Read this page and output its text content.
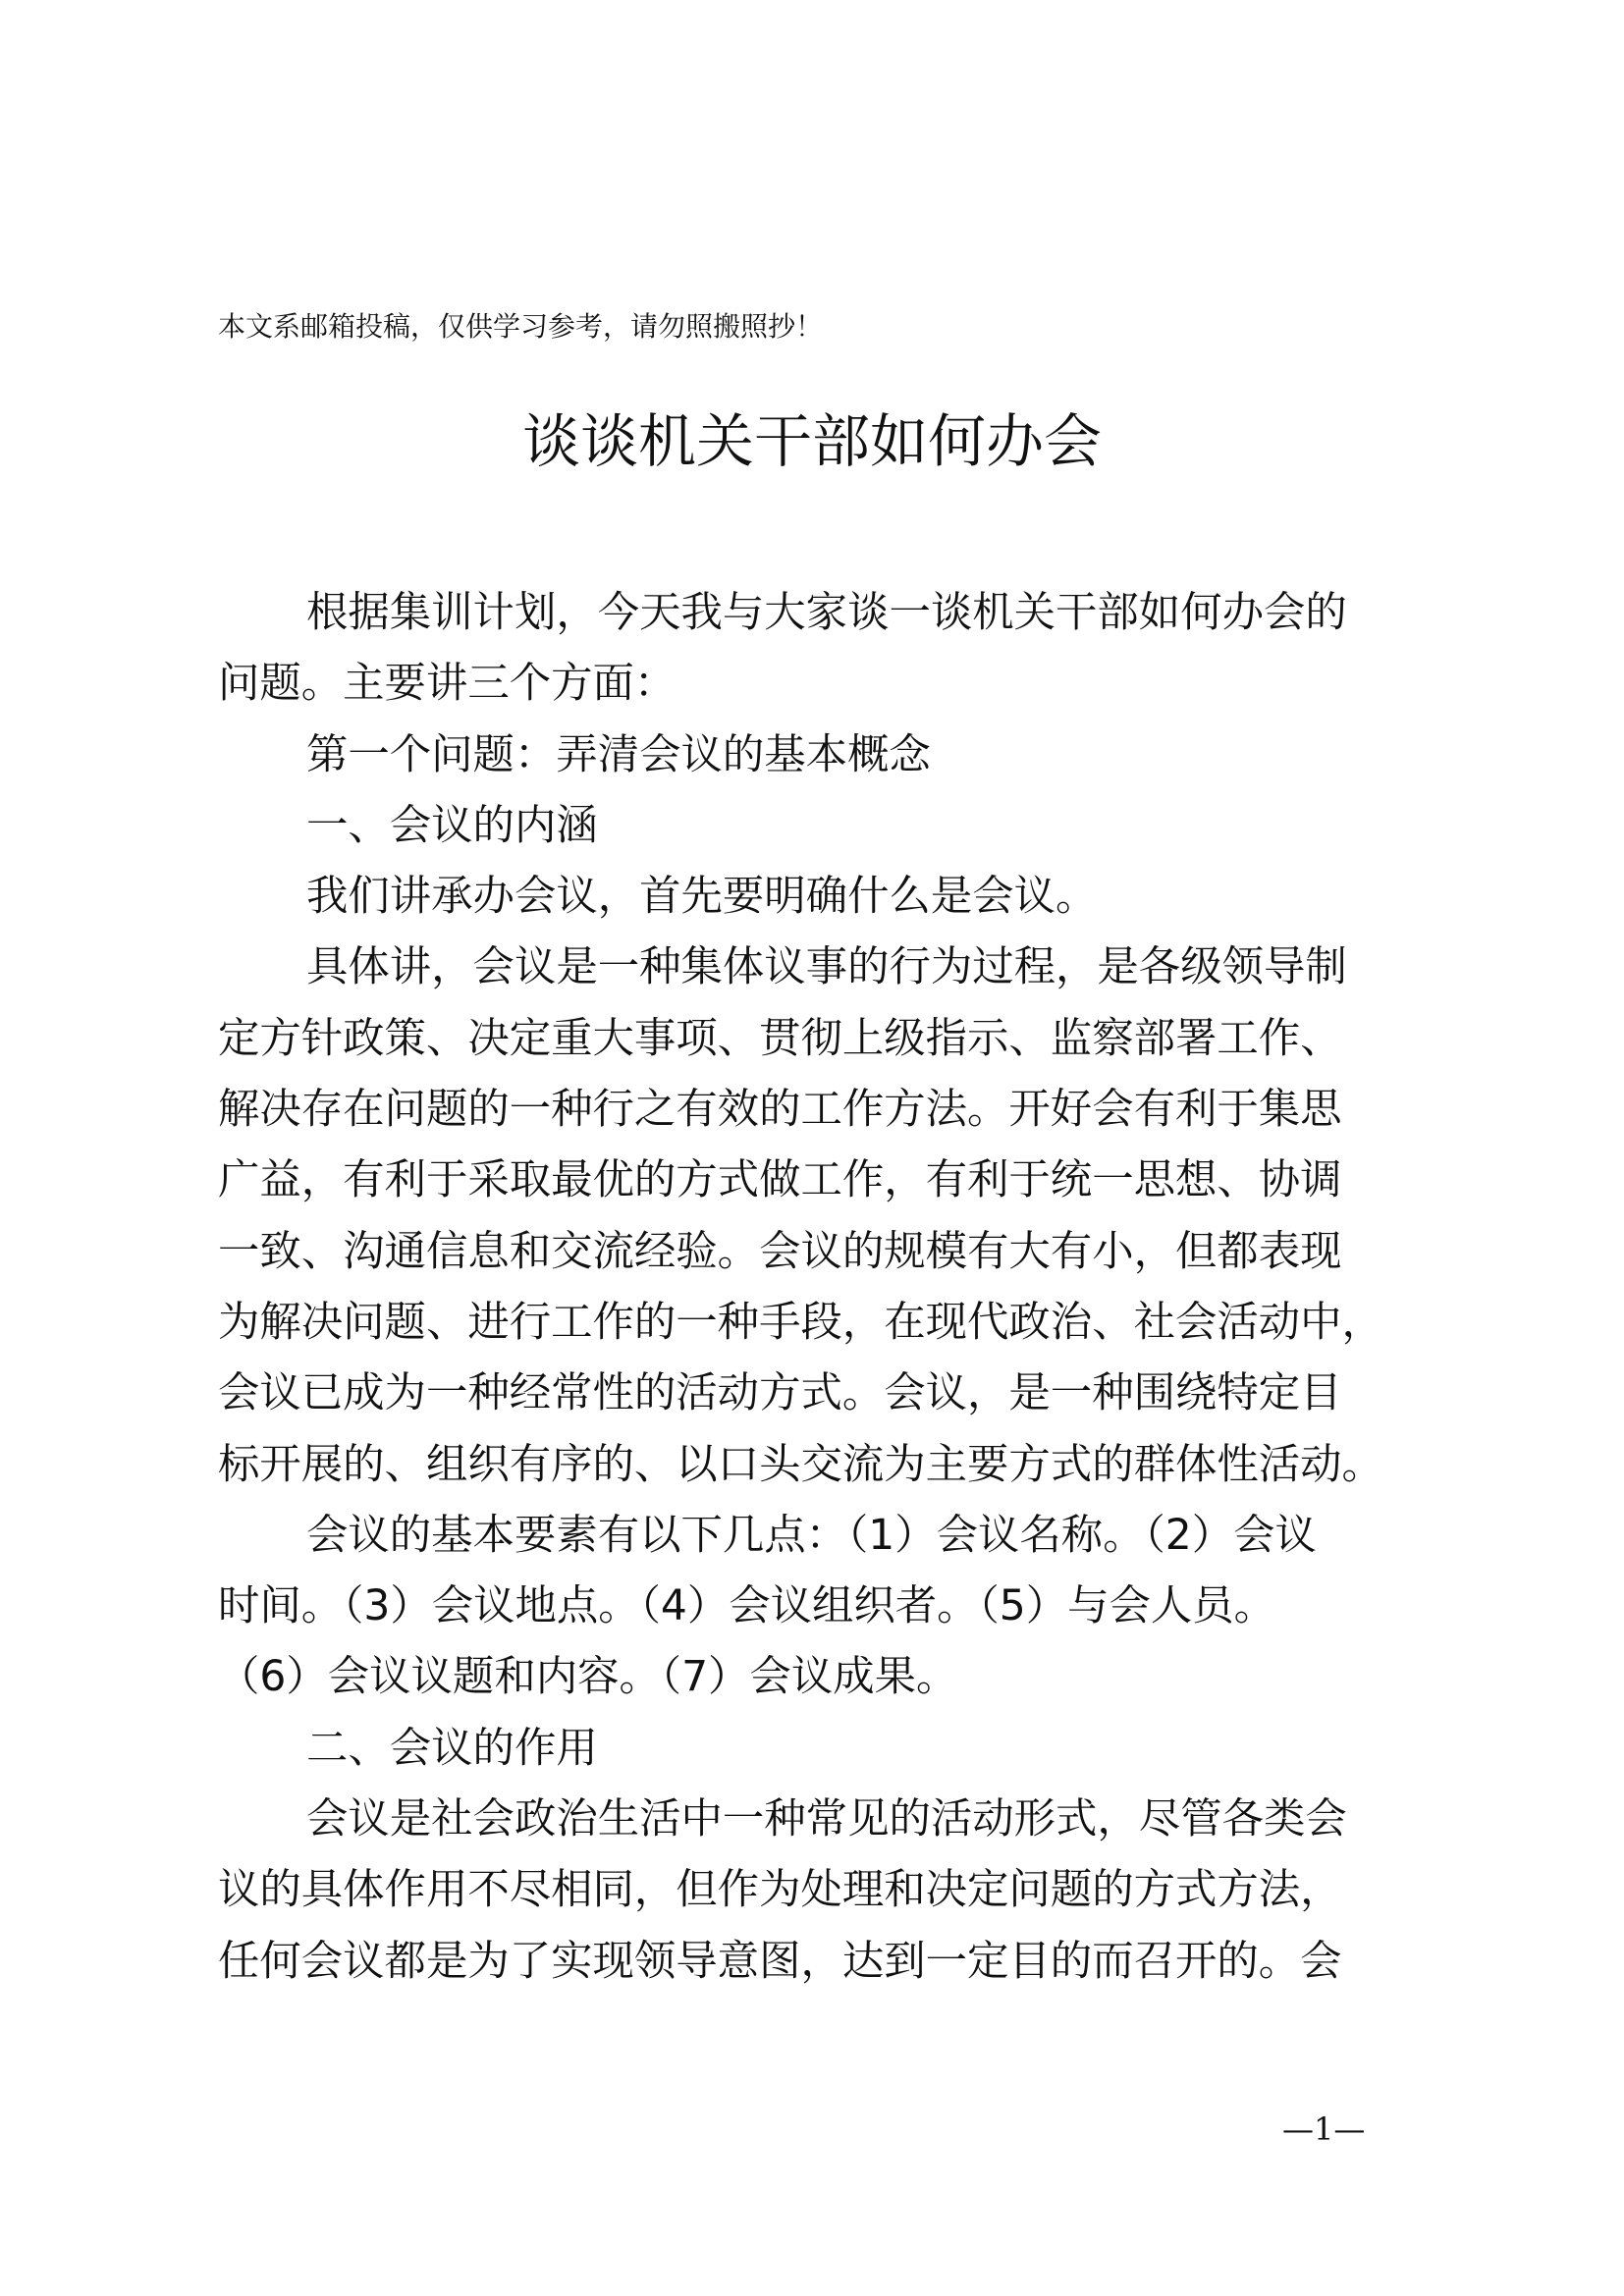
本文系邮箱投稿，仅供学习参考，请勿照搬照抄！
谈谈机关干部如何办会
根据集训计划，今天我与大家谈一谈机关干部如何办会的
问题。主要讲三个方面：
第一个问题：弄清会议的基本概念
一、会议的内涵
我们讲承办会议，首先要明确什么是会议。
具体讲，会议是一种集体议事的行为过程，是各级领导制
定方针政策、决定重大事项、贯彻上级指示、监察部署工作、
解决存在问题的一种行之有效的工作方法。开好会有利于集思
广益，有利于采取最优的方式做工作，有利于统一思想、协调
一致、沟通信息和交流经验。会议的规模有大有小，但都表现
为解决问题、进行工作的一种手段，在现代政治、社会活动中，
会议已成为一种经常性的活动方式。会议，是一种围绕特定目
标开展的、组织有序的、以口头交流为主要方式的群体性活动。
会议的基本要素有以下几点：（1）会议名称。（2）会议
时间。（3）会议地点。（4）会议组织者。（5）与会人员。
（6）会议议题和内容。（7）会议成果。
二、会议的作用
会议是社会政治生活中一种常见的活动形式，尽管各类会
议的具体作用不尽相同，但作为处理和决定问题的方式方法，
任何会议都是为了实现领导意图，达到一定目的而召开的。会
—1—
